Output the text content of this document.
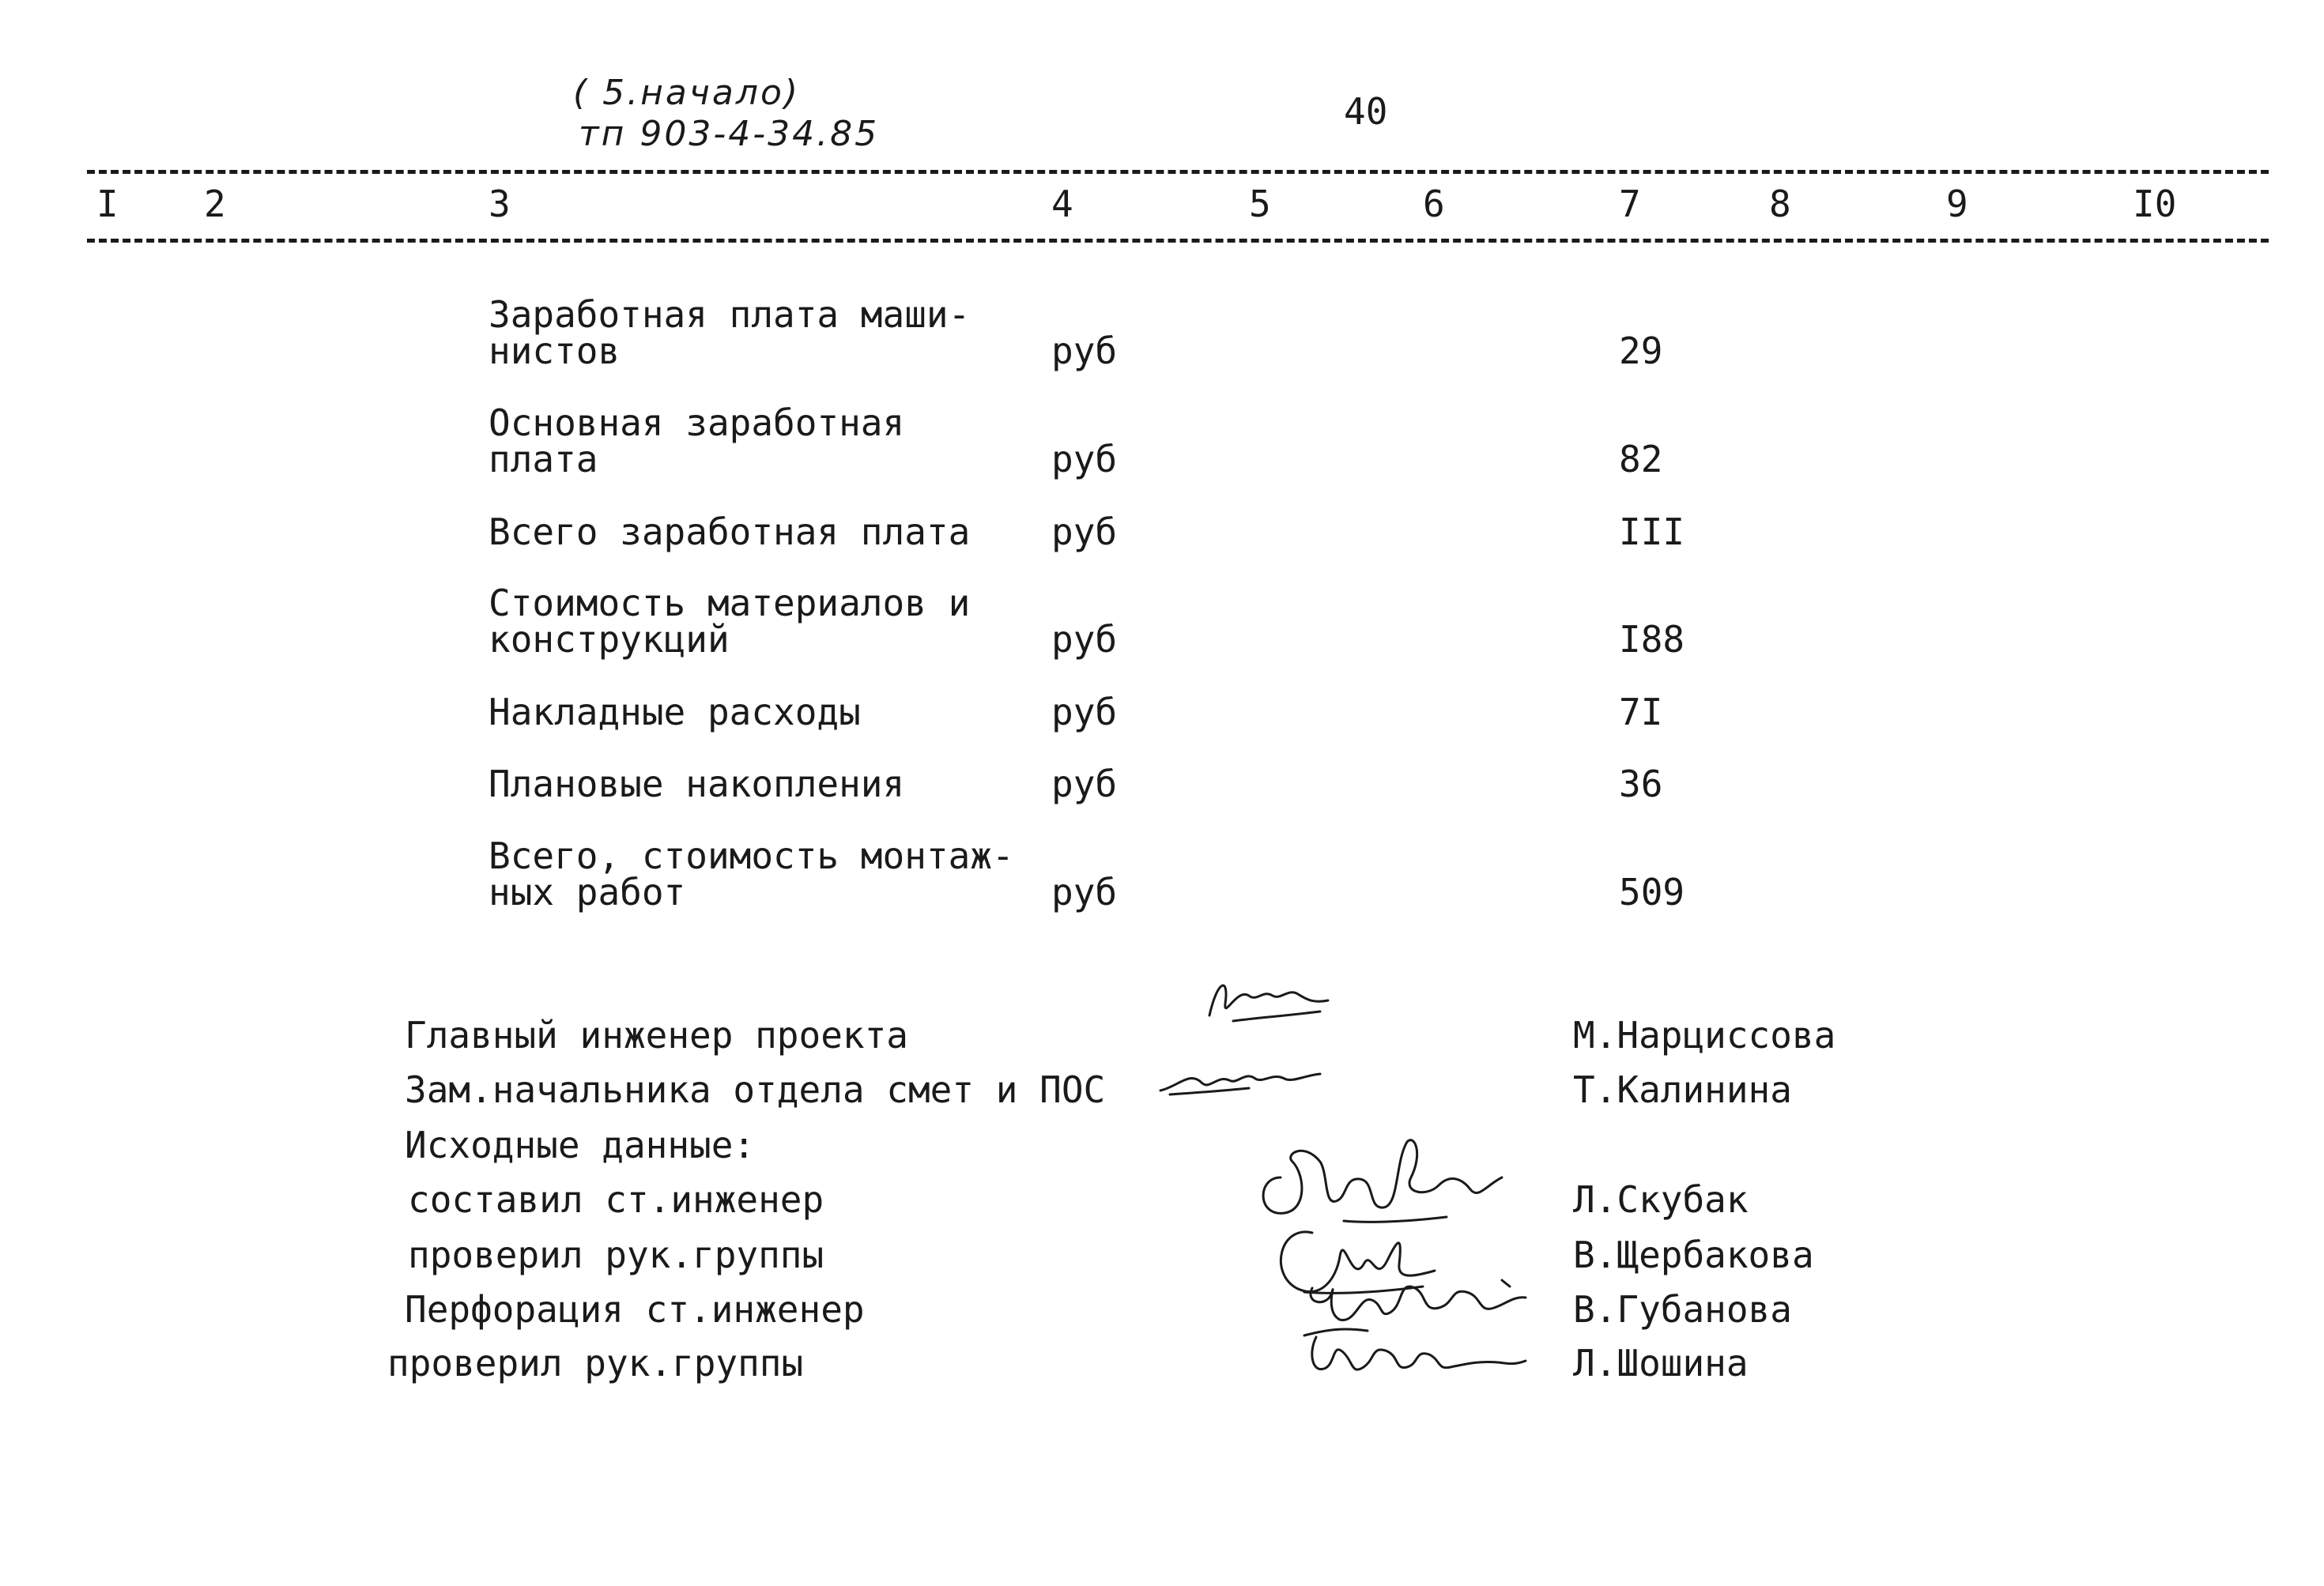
( 5.начало)
тп 903-4-34.85
40
I 2	3	4	5	6	7	8	9	I0
Заработная плата маши-
нистов	руб	29
Основная заработная
плата	руб	82
Всего заработная плата руб	III
Стоимость материалов и
конструкций	руб	I88
Накладные расходы	руб	7I
Плановые накопления	руб	36
Всего, стоимость монтаж-
ных работ	руб	509
Главный инженер проекта	М.Нарциссова
Зам.начальника отдела смет и ПОС	Т.Калинина
Исходные данные:
составил ст.инженер	Л.Скубак
проверил рук.группы	В.Щербакова
Перфорация ст.инженер	В.Губанова
проверил рук.группы	Л.Шошина
